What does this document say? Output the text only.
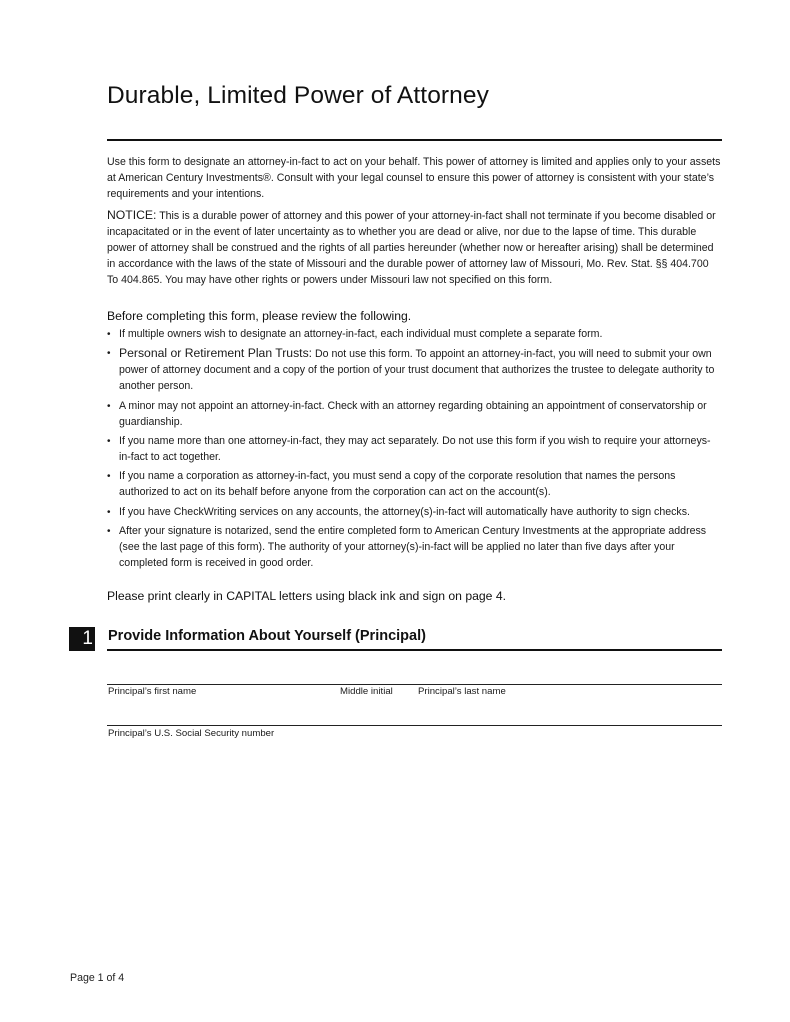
Durable, Limited Power of Attorney

Use this form to designate an attorney-in-fact to act on your behalf. This power of attorney is limited and applies only to your assets at American Century Investments®. Consult with your legal counsel to ensure this power of attorney is consistent with your state’s requirements and your intentions.

NOTICE: This is a durable power of attorney and this power of your attorney-in-fact shall not terminate if you become disabled or incapacitated or in the event of later uncertainty as to whether you are dead or alive, nor due to the lapse of time. This durable power of attorney shall be construed and the rights of all parties hereunder (whether now or hereafter arising) shall be determined in accordance with the laws of the state of Missouri and the durable power of attorney law of Missouri, Mo. Rev. Stat. §§ 404.700 To 404.865. You may have other rights or powers under Missouri law not specified on this form.

Before completing this form, please review the following.

• If multiple owners wish to designate an attorney-in-fact, each individual must complete a separate form.
• Personal or Retirement Plan Trusts: Do not use this form. To appoint an attorney-in-fact, you will need to submit your own power of attorney document and a copy of the portion of your trust document that authorizes the trustee to delegate authority to another person.
• A minor may not appoint an attorney-in-fact. Check with an attorney regarding obtaining an appointment of conservatorship or guardianship.
• If you name more than one attorney-in-fact, they may act separately. Do not use this form if you wish to require your attorneys-in-fact to act together.
• If you name a corporation as attorney-in-fact, you must send a copy of the corporate resolution that names the persons authorized to act on its behalf before anyone from the corporation can act on the account(s).
• If you have CheckWriting services on any accounts, the attorney(s)-in-fact will automatically have authority to sign checks.
• After your signature is notarized, send the entire completed form to American Century Investments at the appropriate address (see the last page of this form). The authority of your attorney(s)-in-fact will be applied no later than five days after your completed form is received in good order.

Please print clearly in CAPITAL letters using black ink and sign on page 4.

1 Provide Information About Yourself (Principal)
Principal’s first name	Middle initial	Principal’s last name
Principal’s U.S. Social Security number
Page 1 of 4
